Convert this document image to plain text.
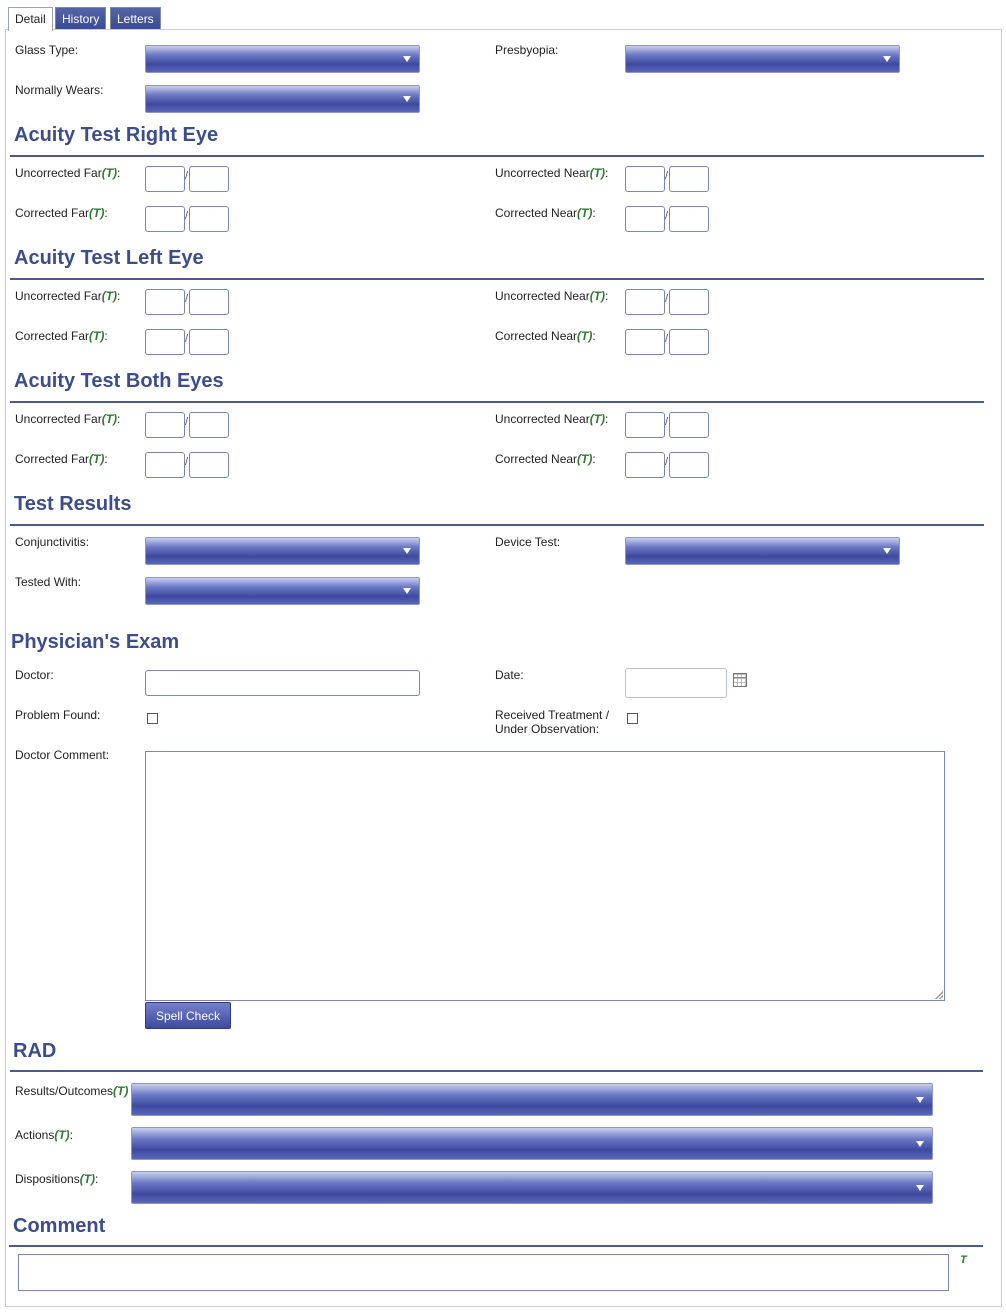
Detail	History	Letters
Glass Type:	Presbyopia:
Normally Wears:
Acuity Test Right Eye
Uncorrected Far(T):	/	Uncorrected Near(T):	/
Corrected Far(T):	/	Corrected Near(T):	/
Acuity Test Left Eye
Uncorrected Far(T):	/	Uncorrected Near(T):	/
Corrected Far(T):	/	Corrected Near(T):	/
Acuity Test Both Eyes
Uncorrected Far(T):	/	Uncorrected Near(T):	/
Corrected Far(T):	/	Corrected Near(T):	/
Test Results
Conjunctivitis:	Device Test:
Tested With:
Physician's Exam
Doctor:	Date:
Problem Found:	Received Treatment /
Under Observation:
Doctor Comment:
Spell Check
RAD
Results/Outcomes(T)
Actions(T):
Dispositions(T):
Comment
T
